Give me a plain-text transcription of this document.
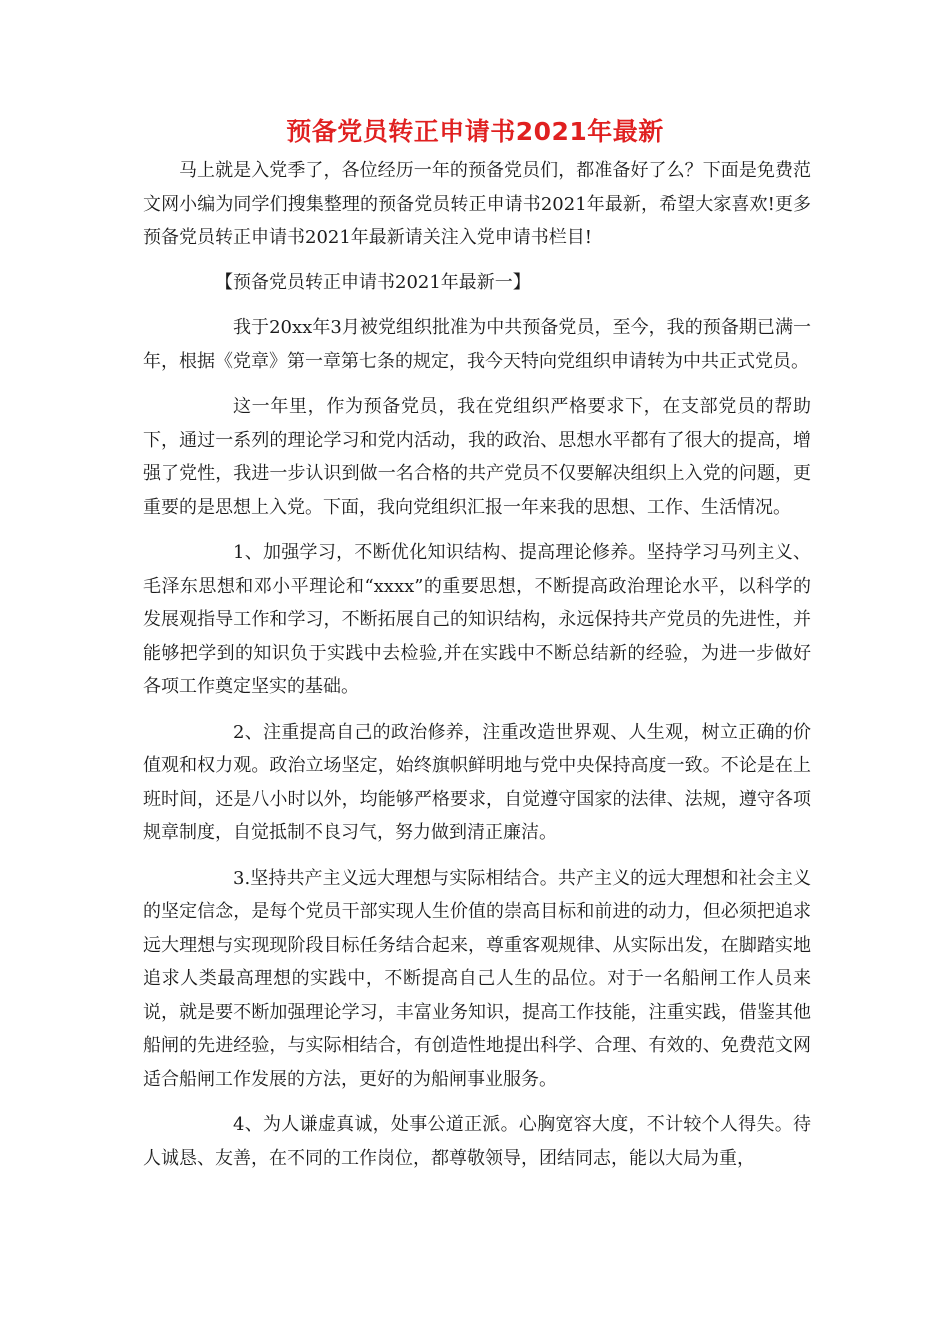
预备党员转正申请书2021年最新

马上就是入党季了，各位经历一年的预备党员们，都准备好了么？下面是免费范文网小编为同学们搜集整理的预备党员转正申请书2021年最新，希望大家喜欢!更多预备党员转正申请书2021年最新请关注入党申请书栏目!

【预备党员转正申请书2021年最新一】

我于20xx年3月被党组织批准为中共预备党员，至今，我的预备期已满一年，根据《党章》第一章第七条的规定，我今天特向党组织申请转为中共正式党员。

这一年里，作为预备党员，我在党组织严格要求下，在支部党员的帮助下，通过一系列的理论学习和党内活动，我的政治、思想水平都有了很大的提高，增强了党性，我进一步认识到做一名合格的共产党员不仅要解决组织上入党的问题，更重要的是思想上入党。下面，我向党组织汇报一年来我的思想、工作、生活情况。

1、加强学习，不断优化知识结构、提高理论修养。坚持学习马列主义、毛泽东思想和邓小平理论和“xxxx”的重要思想，不断提高政治理论水平，以科学的发展观指导工作和学习，不断拓展自己的知识结构，永远保持共产党员的先进性，并能够把学到的知识负于实践中去检验,并在实践中不断总结新的经验，为进一步做好各项工作奠定坚实的基础。

2、注重提高自己的政治修养，注重改造世界观、人生观，树立正确的价值观和权力观。政治立场坚定，始终旗帜鲜明地与党中央保持高度一致。不论是在上班时间，还是八小时以外，均能够严格要求，自觉遵守国家的法律、法规，遵守各项规章制度，自觉抵制不良习气，努力做到清正廉洁。

3.坚持共产主义远大理想与实际相结合。共产主义的远大理想和社会主义的坚定信念，是每个党员干部实现人生价值的崇高目标和前进的动力，但必须把追求远大理想与实现现阶段目标任务结合起来，尊重客观规律、从实际出发，在脚踏实地追求人类最高理想的实践中，不断提高自己人生的品位。对于一名船闸工作人员来说，就是要不断加强理论学习，丰富业务知识，提高工作技能，注重实践，借鉴其他船闸的先进经验，与实际相结合，有创造性地提出科学、合理、有效的、免费范文网适合船闸工作发展的方法，更好的为船闸事业服务。

4、为人谦虚真诚，处事公道正派。心胸宽容大度，不计较个人得失。待人诚恳、友善，在不同的工作岗位，都尊敬领导，团结同志，能以大局为重，
